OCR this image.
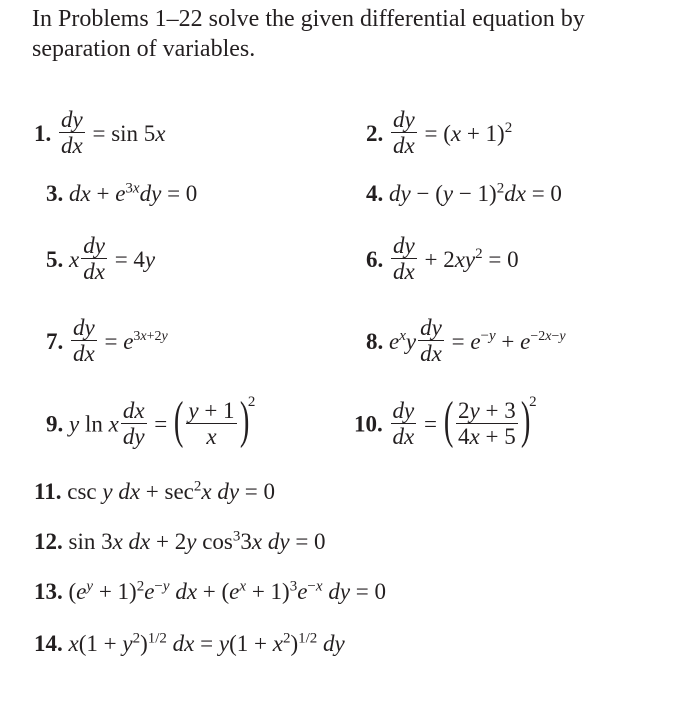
In Problems 1–22 solve the given differential equation by separation of variables.
1. $\frac{dy}{dx} = \sin 5x$	2. $\frac{dy}{dx} = (x + 1)^2$
3. dx + $e^{3x}dy = 0$	4. dy − $(y - 1)^2dx = 0$
5. x $\frac{dy}{dx} = 4y$	6. $\frac{dy}{dx} + 2xy^2 = 0$
7. $\frac{dy}{dx} = e^{3x+2y}$	8. $e^xy \frac{dy}{dx} = e^{-y} + e^{-2x-y}$
9. y ln x $\frac{dx}{dy}$ = ( $\frac{y + 1}{x} )2$
10. $\frac{dy}{dx}$ = ( $\frac{2y + 3}{4x + 5} )2$
11. csc y dx + $\sec^2x$ dy = 0
12. sin 3x dx + 2y $\cos^33x$ dy = 0
13. $(e^y + 1)^2e^{-y}$ dx + $(e^x + 1)^3e^{-x}$ dy = 0
14. $x(1 + y^2)^{1/2}$ dx = $y(1 + x^2)^{1/2}$ dy
